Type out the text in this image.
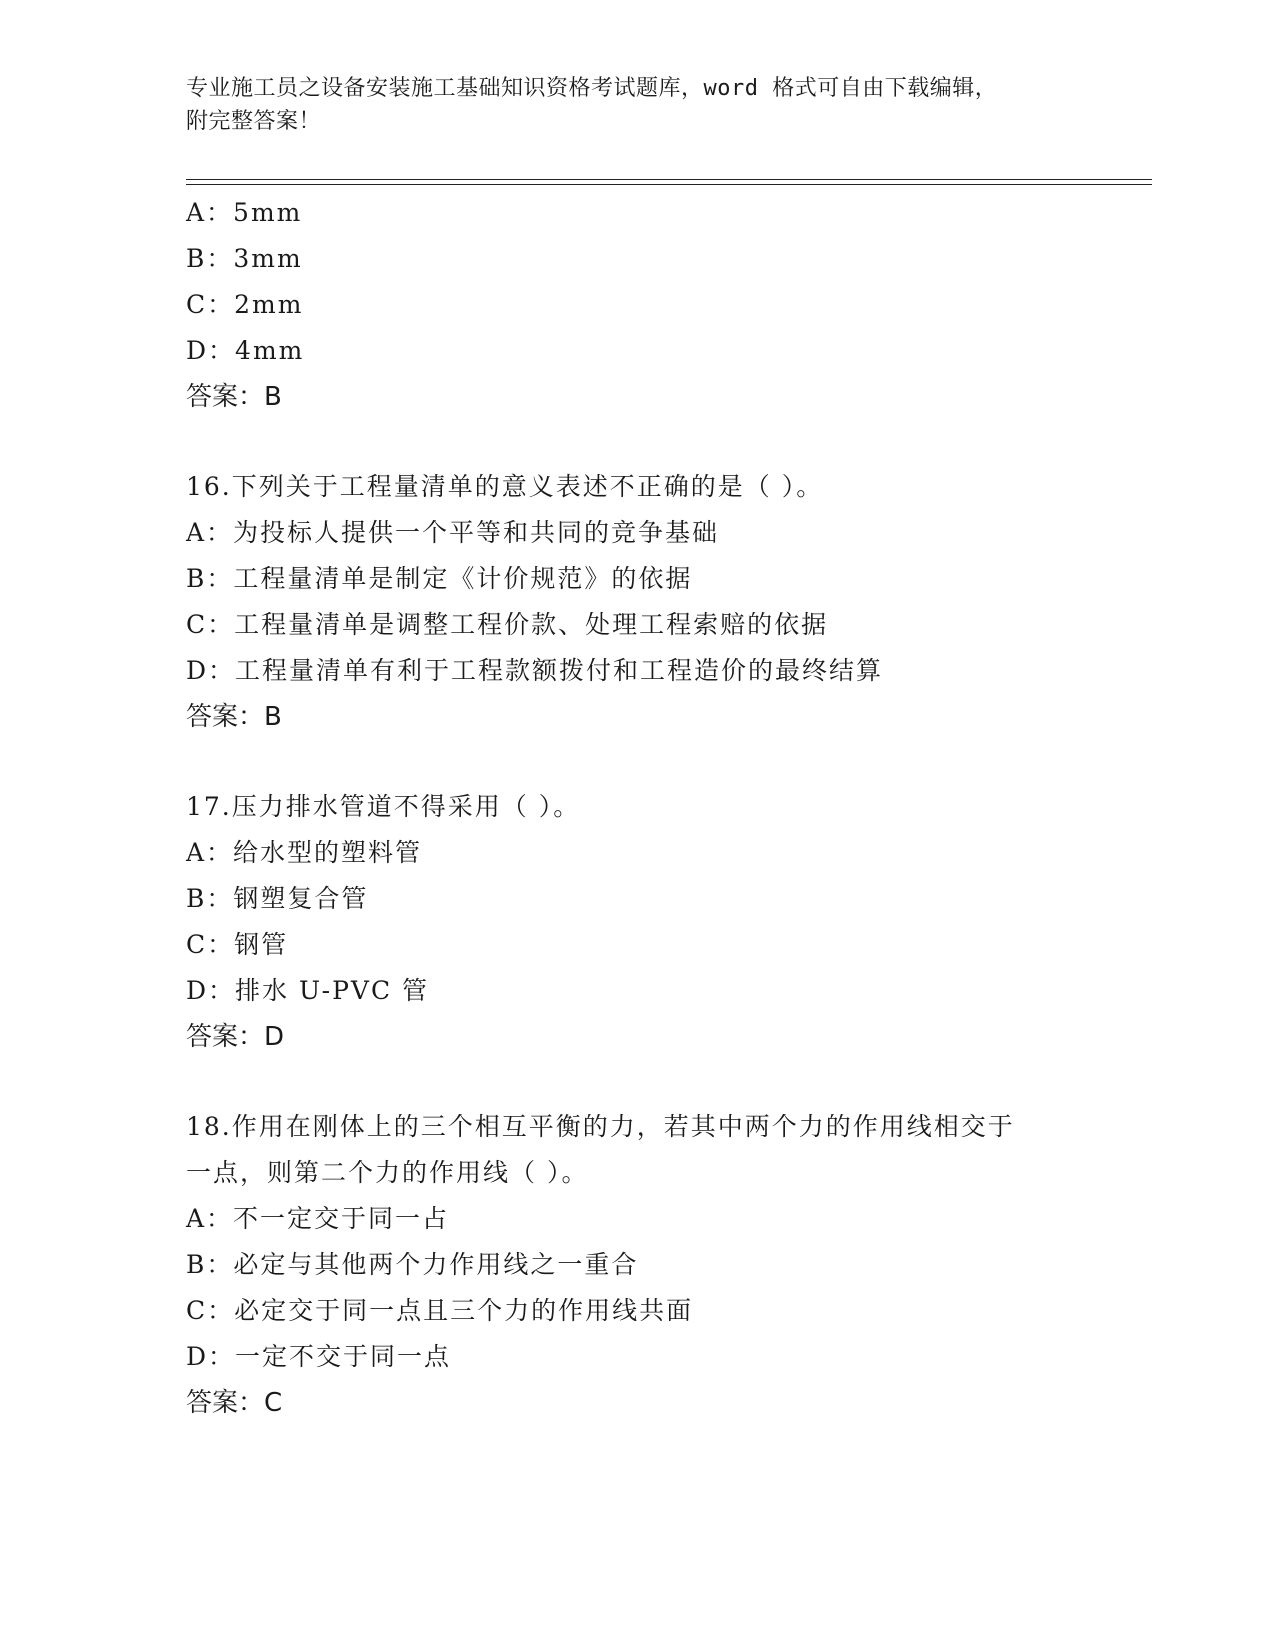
专业施工员之设备安装施工基础知识资格考试题库，word 格式可自由下载编辑，
附完整答案！
A：5mm
B：3mm
C：2mm
D：4mm
答案：B
16.下列关于工程量清单的意义表述不正确的是（ ）。
A：为投标人提供一个平等和共同的竞争基础
B：工程量清单是制定《计价规范》的依据
C：工程量清单是调整工程价款、处理工程索赔的依据
D：工程量清单有利于工程款额拨付和工程造价的最终结算
答案：B
17.压力排水管道不得采用（ ）。
A：给水型的塑料管
B：钢塑复合管
C：钢管
D：排水 U-PVC 管
答案：D
18.作用在刚体上的三个相互平衡的力，若其中两个力的作用线相交于
一点，则第二个力的作用线（ ）。
A：不一定交于同一占
B：必定与其他两个力作用线之一重合
C：必定交于同一点且三个力的作用线共面
D：一定不交于同一点
答案：C
